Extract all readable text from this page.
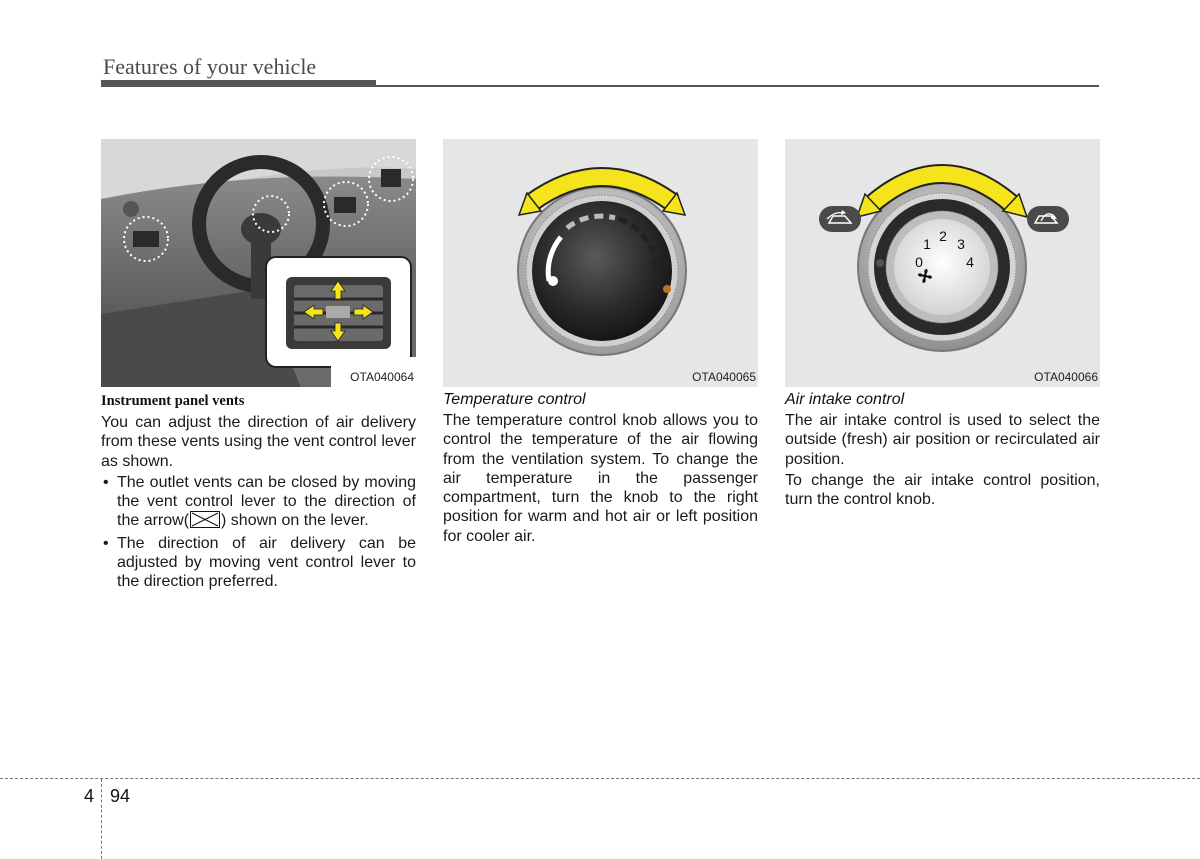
Features of your vehicle
OTA040064
Instrument panel vents

You can adjust the direction of air delivery from these vents using the vent control lever as shown.

• The outlet vents can be closed by moving the vent control lever to the direction of the arrow( ) shown on the lever.
• The direction of air delivery can be adjusted by moving vent control lever to the direction preferred.
OTA040065
Temperature control

The temperature control knob allows you to control the temperature of the air flowing from the ventilation system. To change the air temperature in the passenger compartment, turn the knob to the right position for warm and hot air or left position for cooler air.

0
1 2 3
4
OTA040066
Air intake control

The air intake control is used to select the outside (fresh) air position or recirculated air position.

To change the air intake control position, turn the control knob.

4 94
